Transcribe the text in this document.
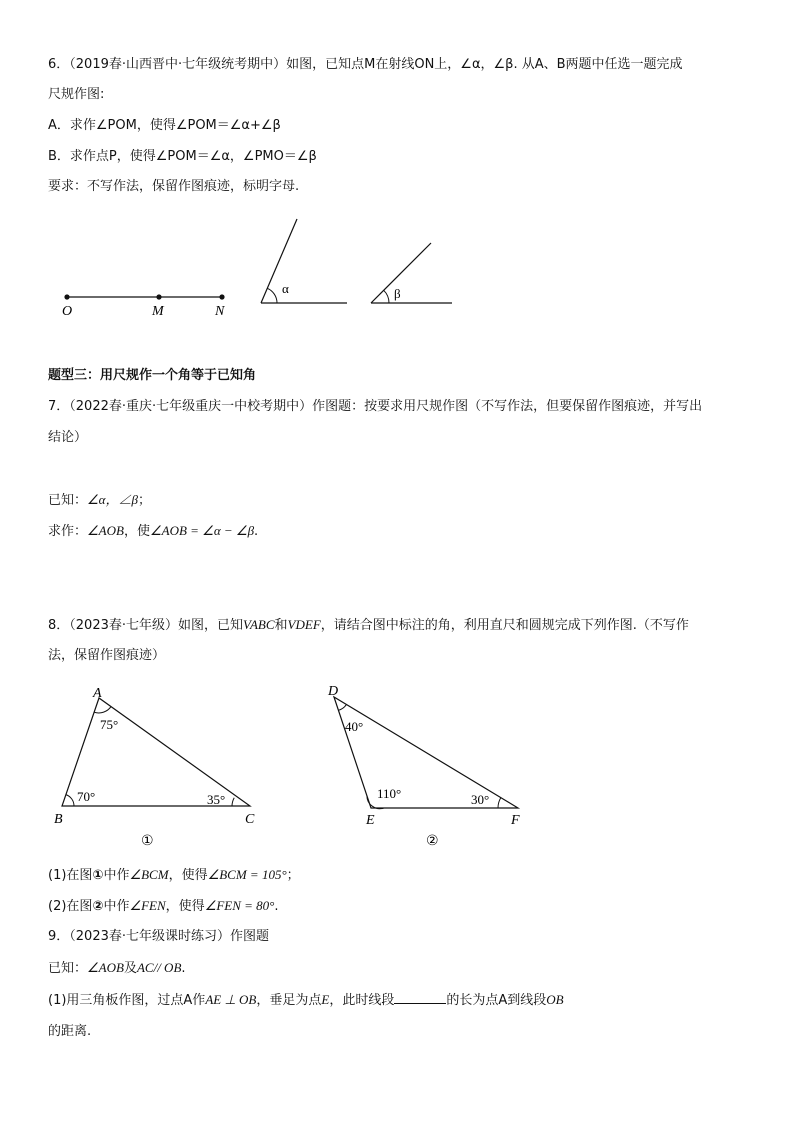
6．（2019春·山西晋中·七年级统考期中）如图，已知点M在射线ON上，∠α，∠β. 从A、B两题中任选一题完成
尺规作图:
A．求作∠POM，使得∠POM＝∠α+∠β
B．求作点P，使得∠POM＝∠α，∠PMO＝∠β
要求：不写作法，保留作图痕迹，标明字母.
O	M	N
α	β
题型三：用尺规作一个角等于已知角
7．（2022春·重庆·七年级重庆一中校考期中）作图题：按要求用尺规作图（不写作法，但要保留作图痕迹，并写出
结论）
已知：∠α，∠β；
求作：∠AOB，使∠AOB = ∠α − ∠β.
8．（2023春·七年级）如图，已知VABC和VDEF，请结合图中标注的角，利用直尺和圆规完成下列作图.（不写作
法，保留作图痕迹）
A
B	C
75°
70°	35°
①
D
E	F
40°
110°	30°
②
(1)在图①中作∠BCM，使得∠BCM = 105°；
(2)在图②中作∠FEN，使得∠FEN = 80°.
9．（2023春·七年级课时练习）作图题
已知：∠AOB及AC// OB.
(1)用三角板作图，过点A作AE ⊥ OB，垂足为点E，此时线段	的长为点A到线段OB
的距离.
